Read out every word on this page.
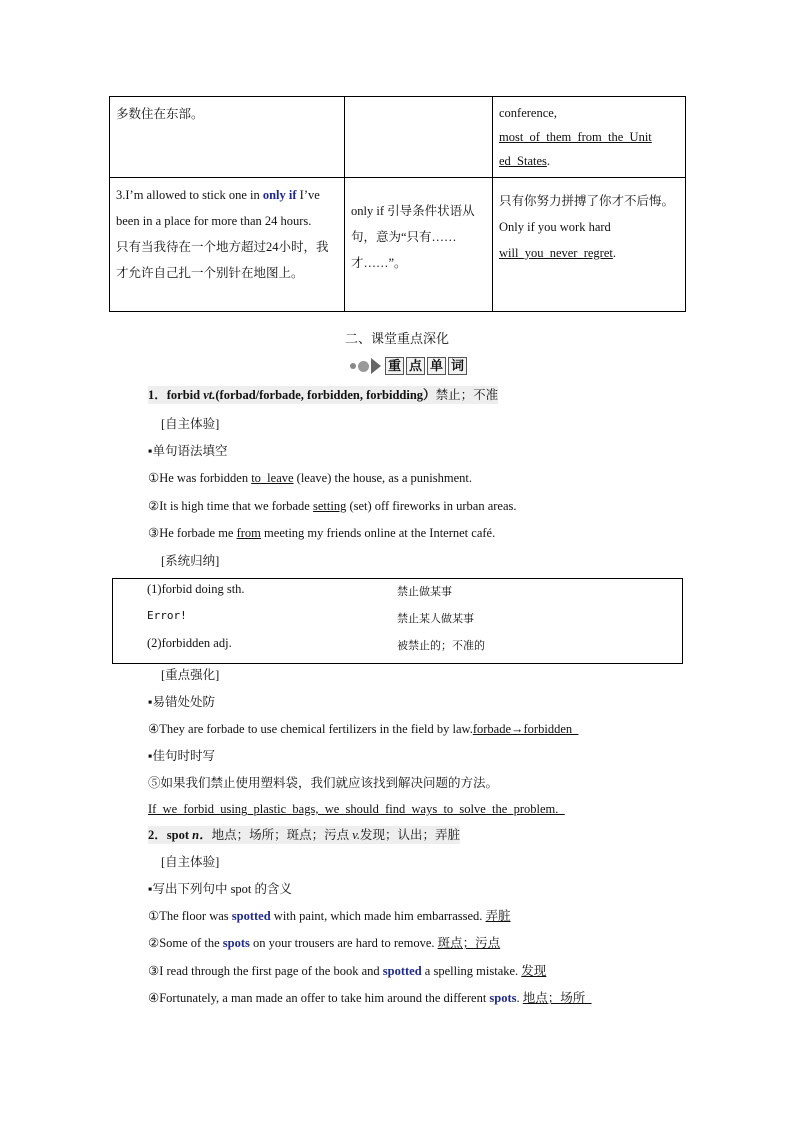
多数住在东部。		conference,
most_of_them_from_the_Unit
ed_States.
3.I’m allowed to stick one in only if I’ve been in a place for more than 24 hours.
只有当我待在一个地方超过24小时，我才允许自己扎一个别针在地图上。	only if 引导条件状语从句，意为“只有……才……”。	只有你努力拼搏了你才不后悔。
Only if you work hard
will_you_never_regret.
二、课堂重点深化
重 点 单 词
1．forbid vt.(forbad/forbade, forbidden, forbidding）禁止；不准
[自主体验]
▪单句语法填空
①He was forbidden to_leave (leave) the house, as a punishment.
②It is high time that we forbade setting (set) off fireworks in urban areas.
③He forbade me from meeting my friends online at the Internet café.
[系统归纳]
(1)forbid doing sth.	禁止做某事
Error!	禁止某人做某事
(2)forbidden adj.	被禁止的；不准的
[重点强化]
▪易错处处防
④They are forbade to use chemical fertilizers in the field by law.forbade→forbidden_
▪佳句时时写
⑤如果我们禁止使用塑料袋，我们就应该找到解决问题的方法。
If_we_forbid_using_plastic_bags,_we_should_find_ways_to_solve_the_problem._
2．spot n．地点；场所；斑点；污点 v.发现；认出；弄脏
[自主体验]
▪写出下列句中 spot 的含义
①The floor was spotted with paint, which made him embarrassed. 弄脏
②Some of the spots on your trousers are hard to remove. 斑点；污点
③I read through the first page of the book and spotted a spelling mistake. 发现
④Fortunately, a man made an offer to take him around the different spots. 地点；场所_
